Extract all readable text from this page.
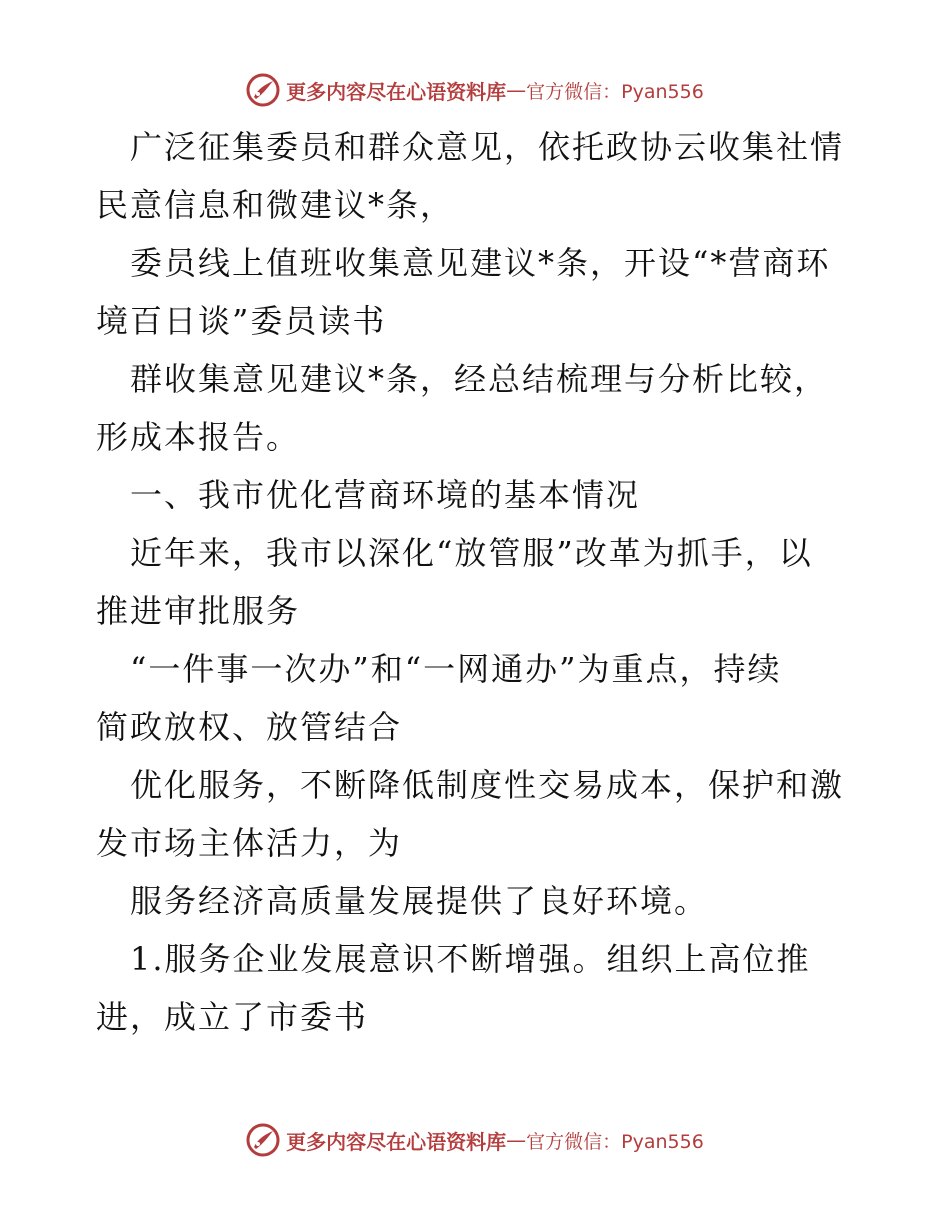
更多内容尽在心语资料库 — 官方微信：Pyan556
　广泛征集委员和群众意见，依托政协云收集社情
民意信息和微建议*条，
　委员线上值班收集意见建议*条，开设“*营商环
境百日谈”委员读书
　群收集意见建议*条，经总结梳理与分析比较，
形成本报告。
　一、我市优化营商环境的基本情况
　近年来，我市以深化“放管服”改革为抓手，以
推进审批服务
　“一件事一次办”和“一网通办”为重点，持续
简政放权、放管结合
　优化服务，不断降低制度性交易成本，保护和激
发市场主体活力，为
　服务经济高质量发展提供了良好环境。
　1.服务企业发展意识不断增强。组织上高位推
进，成立了市委书
更多内容尽在心语资料库 — 官方微信：Pyan556
